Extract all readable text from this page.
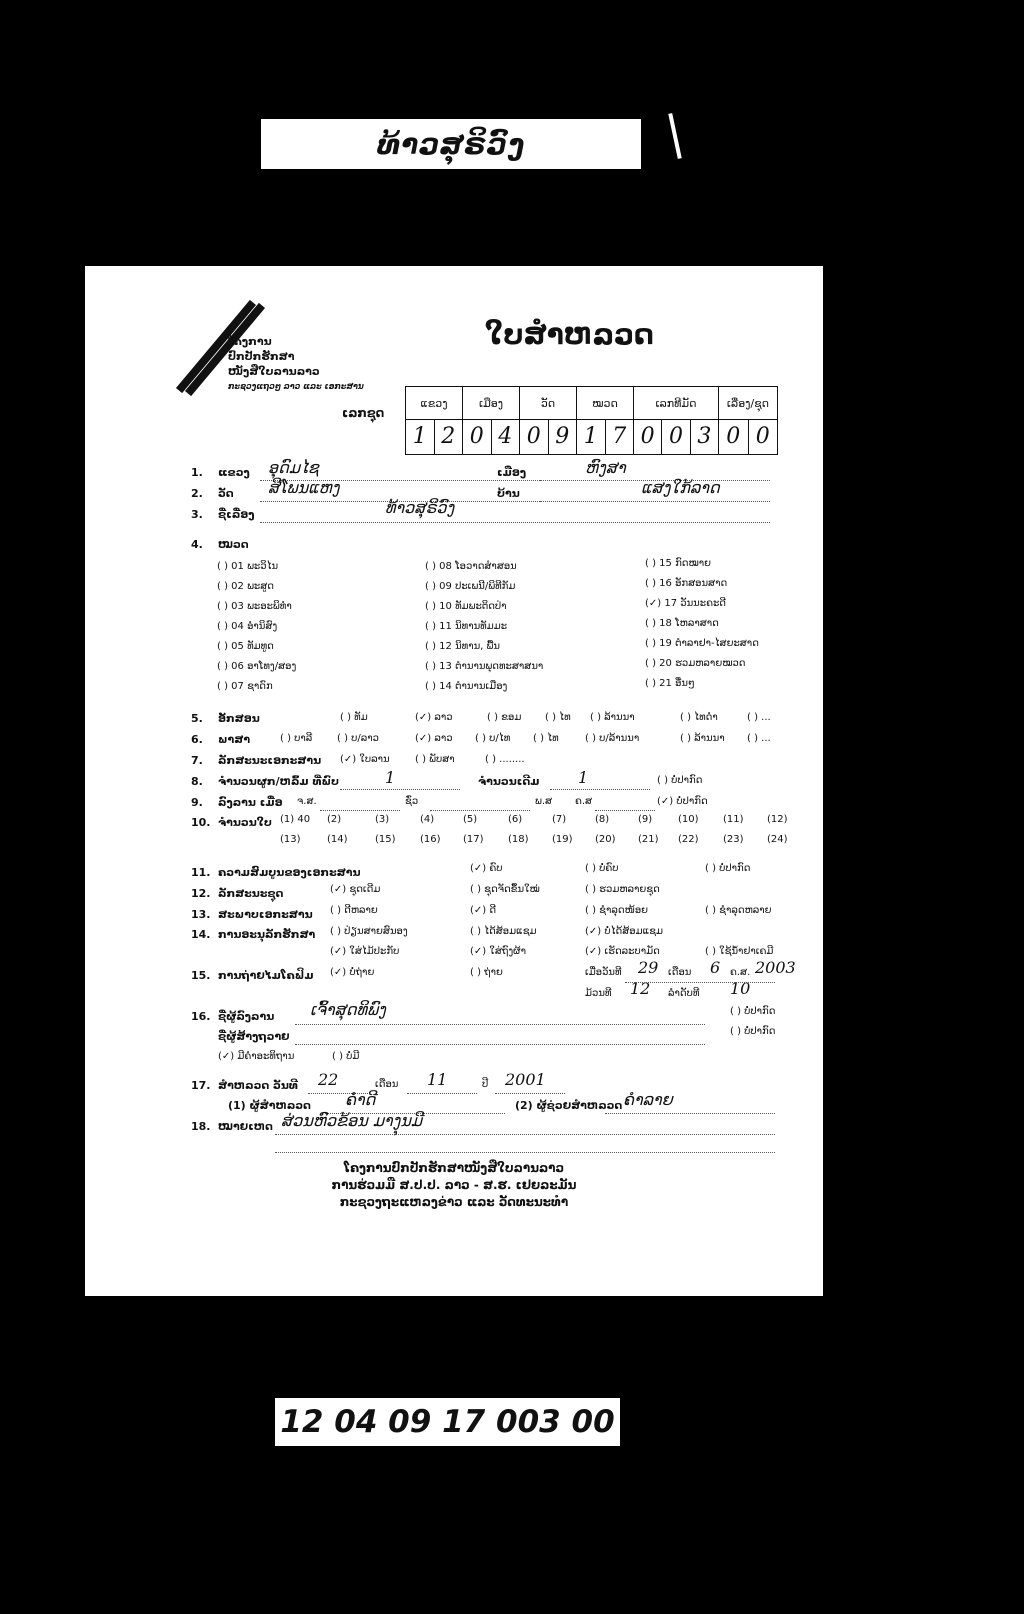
ທ້າວສຸຣິວົງ
ໂຄງການ
ປົກປັກຮັກສາ
ໜັງສືໃບລານລາວ
ກະຊວງແຖວໆ ລາວ ແລະ ເອກະສານ
ໃບສຳຫລວດ
ເລກຊຸດ
ແຂວງ	ເມືອງ	ວັດ	ໝວດ	ເລກທີມັດ	ເລື່ອງ/ຊຸດ

1 2	0 4	0 9	1 7	0 0 3	0 0
1. ແຂວງ ອຸດົມໄຊ	ເມືອງ	ຫົງສາ
2. ວັດ ສີໂພນແຫງ	ບ້ານ	ແສງໃກ້ລາດ
3. ຊື່ເລື່ອງ	ທ້າວສຸຣິວົງ
4. ໝວດ
( ) 01 ພະວິໄນ
( ) 02 ພະສູດ
( ) 03 ພະອະພິທຳ
( ) 04 ອຳນິສົງ
( ) 05 ທັມທູດ
( ) 06 ອາໂທງ/ສອງ
( ) 07 ຊາດົກ
( ) 08 ໂອວາດສຳສອນ
( ) 09 ປະເພນີ/ພິທີກັມ
( ) 10 ທັມພະຕິດປ່າ
( ) 11 ນິທານທັມມະ
( ) 12 ນິທານ, ພື້ນ
( ) 13 ຕຳນານພຸດທະສາສນາ
( ) 14 ຕຳນານເມືອງ
( ) 15 ກົດໝາຍ
( ) 16 ອັກສອນສາດ
(✓) 17 ວັນນະຄະດີ
( ) 18 ໂຫລາສາດ
( ) 19 ຕຳລາຢາ-ໄສຍະສາດ
( ) 20 ຮວມຫລາຍໝວດ
( ) 21 ອື່ນໆ
5. ອັກສອນ	( ) ທັມ	(✓) ລາວ	( ) ຂອມ ( ) ໄທ ( ) ລ້ານນາ	( ) ໄທດຳ	( ) ...
6. ພາສາ	( ) ບາລີ ( ) ບ/ລາວ	(✓) ລາວ ( ) ບ/ໄທ ( ) ໄທ	( ) ບ/ລ້ານນາ	( ) ລ້ານນາ ( ) ...
7. ລັກສະນະເອກະສານ (✓) ໃບລານ	( ) ພັບສາ	( ) ........
8. ຈຳນວນຜູກ/ຫລົ້ມ ທີ່ພົບ	1	ຈຳນວນເດີມ 1	( ) ບໍ່ປາກົດ
9. ລົງລານ ເມື່ອ ຈ.ສ.	ຊົ່ວ	ພ.ສ ຄ.ສ	(✓) ບໍ່ປາກົດ
10. ຈຳນວນໃບ (1) 40 (2)	(3)	(4)	(5)	(6)	(7)	(8)	(9)	(10) (11) (12)
(13)	(14)	(15) (16) (17) (18) (19) (20) (21) (22) (23) (24)
11. ຄວາມສົມບູນຂອງເອກະສານ	(✓) ຄົບ	( ) ບໍ່ຄົບ	( ) ບໍ່ປາກົດ
12. ລັກສະນະຊຸດ	(✓) ຊຸດເດີມ	( ) ຊຸດຈັດຂຶ້ນໃໝ່	( ) ຮວມຫລາຍຊຸດ
13. ສະພາບເອກະສານ ( ) ດີຫລາຍ	(✓) ດີ	( ) ຊຳລຸດໜ້ອຍ	( ) ຊຳລຸດຫລາຍ
14. ການອະນຸລັກຮັກສາ ( ) ປ່ຽນສາຍສົນອງ	( ) ໄດ້ສ້ອມແຊມ	(✓) ບໍ່ໄດ້ສ້ອມແຊມ
(✓) ໃສ່ໄມ້ປະກັບ	(✓) ໃສ່ຖົງຜ້າ	(✓) ເຮັດລະບາມັດ	( ) ໃຊ້ນ້ຳຢາເຄມີ
15. ການຖ່າຍໄມໂຄຟິມ (✓) ບໍ່ຖ່າຍ	( ) ຖ່າຍ	ເມື່ອວັນທີ 29 ເດືອນ 6 ຄ.ສ. 2003
ມ້ວນທີ 12 ລຳດັບທີ 10
16. ຊື່ຜູ້ລົງລານ ເຈົ້າສຸດທິພົງ	( ) ບໍ່ປາກົດ
ຊື່ຜູ້ສ້າງຖວາຍ	( ) ບໍ່ປາກົດ
(✓) ມີຄຳອະທິຖານ	( ) ບໍ່ມີ
17. ສຳຫລວດ ວັນທີ 22	ເດືອນ 11	ປີ 2001
(1) ຜູ້ສຳຫລວດ ຄຳດີ	(2) ຜູ້ຊ່ວຍສຳຫລວດ ຄຳລາຍ
18. ໝາຍເຫດ ສ່ວນຫົວຂ້ອນ ມາງຸນມີ
ໂຄງການປົກປັກຮັກສາໜັງສືໃບລານລາວ
ການຮ່ວມມື ສ.ປ.ປ. ລາວ - ສ.ຮ. ເຢຍລະມັນ
ກະຊວງຖະແຫລງຂ່າວ ແລະ ວັດທະນະທຳ
12 04 09 17 003 00
